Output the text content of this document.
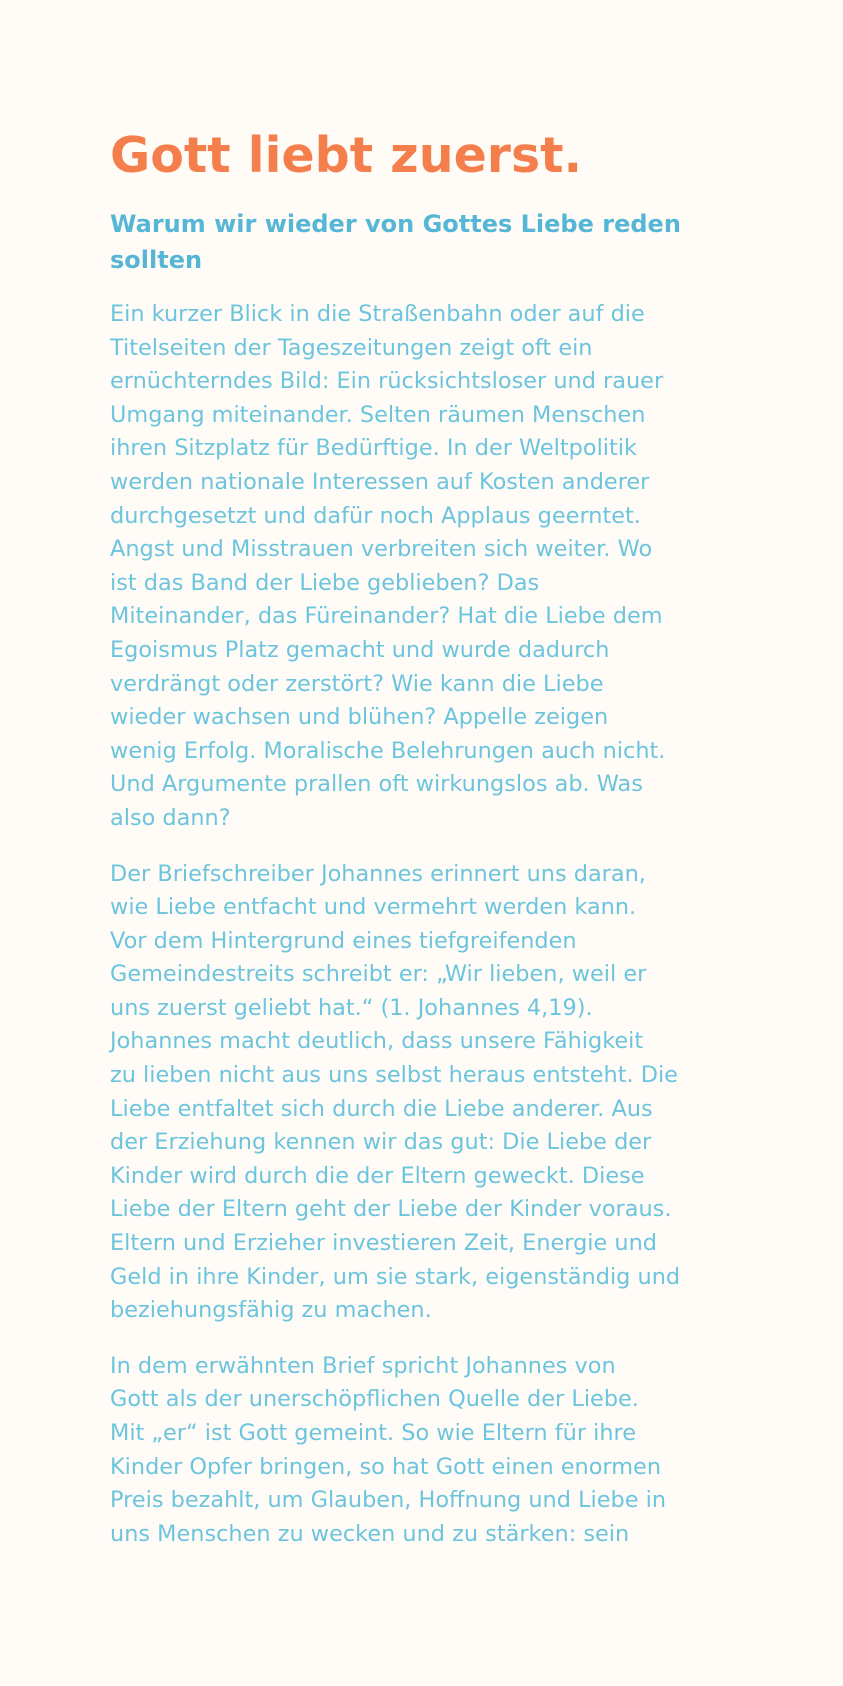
Gott liebt zuerst.
Warum wir wieder von Gottes Liebe reden sollten

Ein kurzer Blick in die Straßenbahn oder auf die
Titelseiten der Tageszeitungen zeigt oft ein
ernüchterndes Bild: Ein rücksichtsloser und rauer
Umgang miteinander. Selten räumen Menschen
ihren Sitzplatz für Bedürftige. In der Weltpolitik
werden nationale Interessen auf Kosten anderer
durchgesetzt und dafür noch Applaus geerntet.
Angst und Misstrauen verbreiten sich weiter. Wo
ist das Band der Liebe geblieben? Das
Miteinander, das Füreinander? Hat die Liebe dem
Egoismus Platz gemacht und wurde dadurch
verdrängt oder zerstört? Wie kann die Liebe
wieder wachsen und blühen? Appelle zeigen
wenig Erfolg. Moralische Belehrungen auch nicht.
Und Argumente prallen oft wirkungslos ab. Was
also dann?

Der Briefschreiber Johannes erinnert uns daran,
wie Liebe entfacht und vermehrt werden kann.
Vor dem Hintergrund eines tiefgreifenden
Gemeindestreits schreibt er: „Wir lieben, weil er
uns zuerst geliebt hat.“ (1. Johannes 4,19).
Johannes macht deutlich, dass unsere Fähigkeit
zu lieben nicht aus uns selbst heraus entsteht. Die
Liebe entfaltet sich durch die Liebe anderer. Aus
der Erziehung kennen wir das gut: Die Liebe der
Kinder wird durch die der Eltern geweckt. Diese
Liebe der Eltern geht der Liebe der Kinder voraus.
Eltern und Erzieher investieren Zeit, Energie und
Geld in ihre Kinder, um sie stark, eigenständig und
beziehungsfähig zu machen.

In dem erwähnten Brief spricht Johannes von
Gott als der unerschöpflichen Quelle der Liebe.
Mit „er“ ist Gott gemeint. So wie Eltern für ihre
Kinder Opfer bringen, so hat Gott einen enormen
Preis bezahlt, um Glauben, Hoffnung und Liebe in
uns Menschen zu wecken und zu stärken: sein
